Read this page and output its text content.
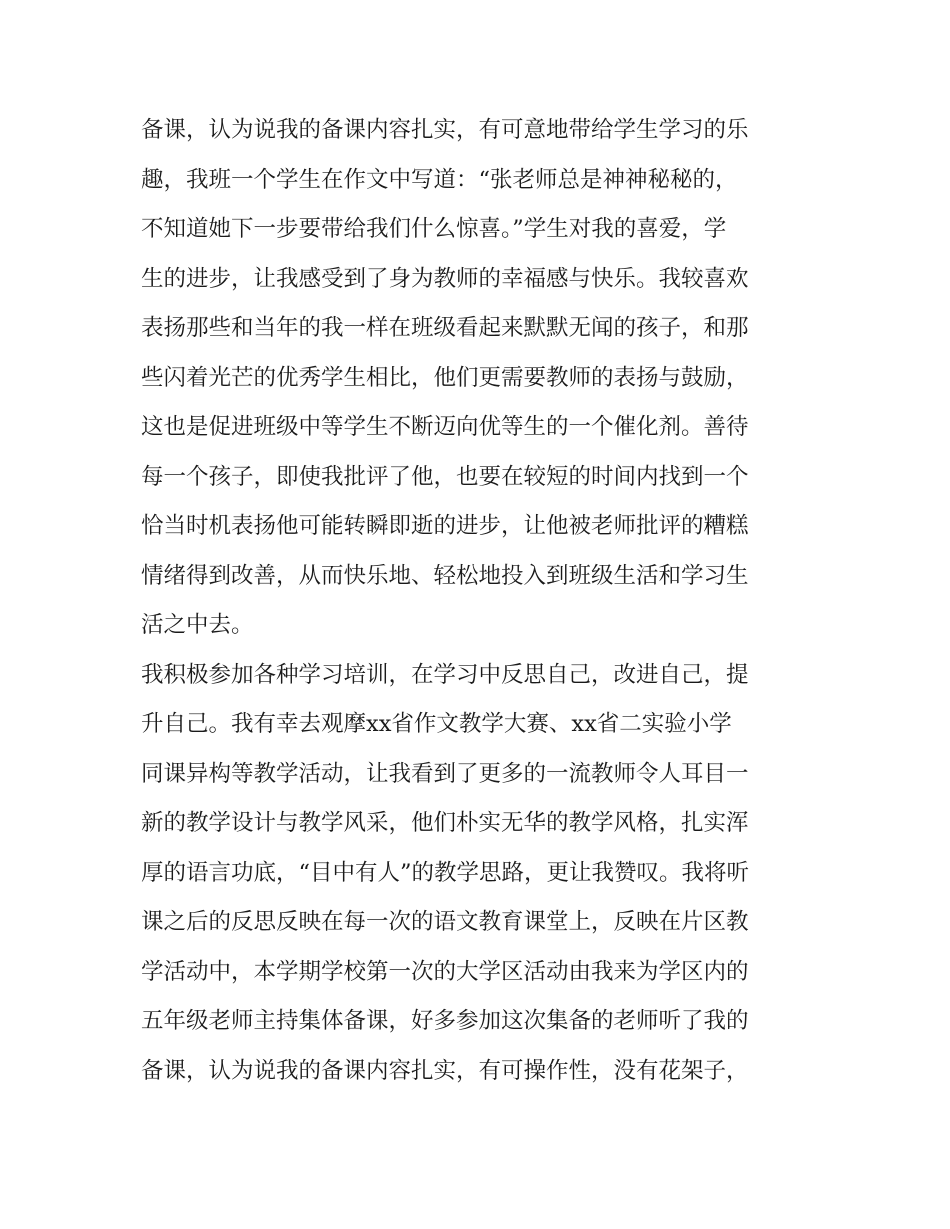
备课，认为说我的备课内容扎实，有可意地带给学生学习的乐
趣，我班一个学生在作文中写道：“张老师总是神神秘秘的，
不知道她下一步要带给我们什么惊喜。”学生对我的喜爱，学
生的进步，让我感受到了身为教师的幸福感与快乐。我较喜欢
表扬那些和当年的我一样在班级看起来默默无闻的孩子，和那
些闪着光芒的优秀学生相比，他们更需要教师的表扬与鼓励，
这也是促进班级中等学生不断迈向优等生的一个催化剂。善待
每一个孩子，即使我批评了他，也要在较短的时间内找到一个
恰当时机表扬他可能转瞬即逝的进步，让他被老师批评的糟糕
情绪得到改善，从而快乐地、轻松地投入到班级生活和学习生
活之中去。
我积极参加各种学习培训，在学习中反思自己，改进自己，提
升自己。我有幸去观摩xx省作文教学大赛、xx省二实验小学
同课异构等教学活动，让我看到了更多的一流教师令人耳目一
新的教学设计与教学风采，他们朴实无华的教学风格，扎实浑
厚的语言功底，“目中有人”的教学思路，更让我赞叹。我将听
课之后的反思反映在每一次的语文教育课堂上，反映在片区教
学活动中，本学期学校第一次的大学区活动由我来为学区内的
五年级老师主持集体备课，好多参加这次集备的老师听了我的
备课，认为说我的备课内容扎实，有可操作性，没有花架子，
